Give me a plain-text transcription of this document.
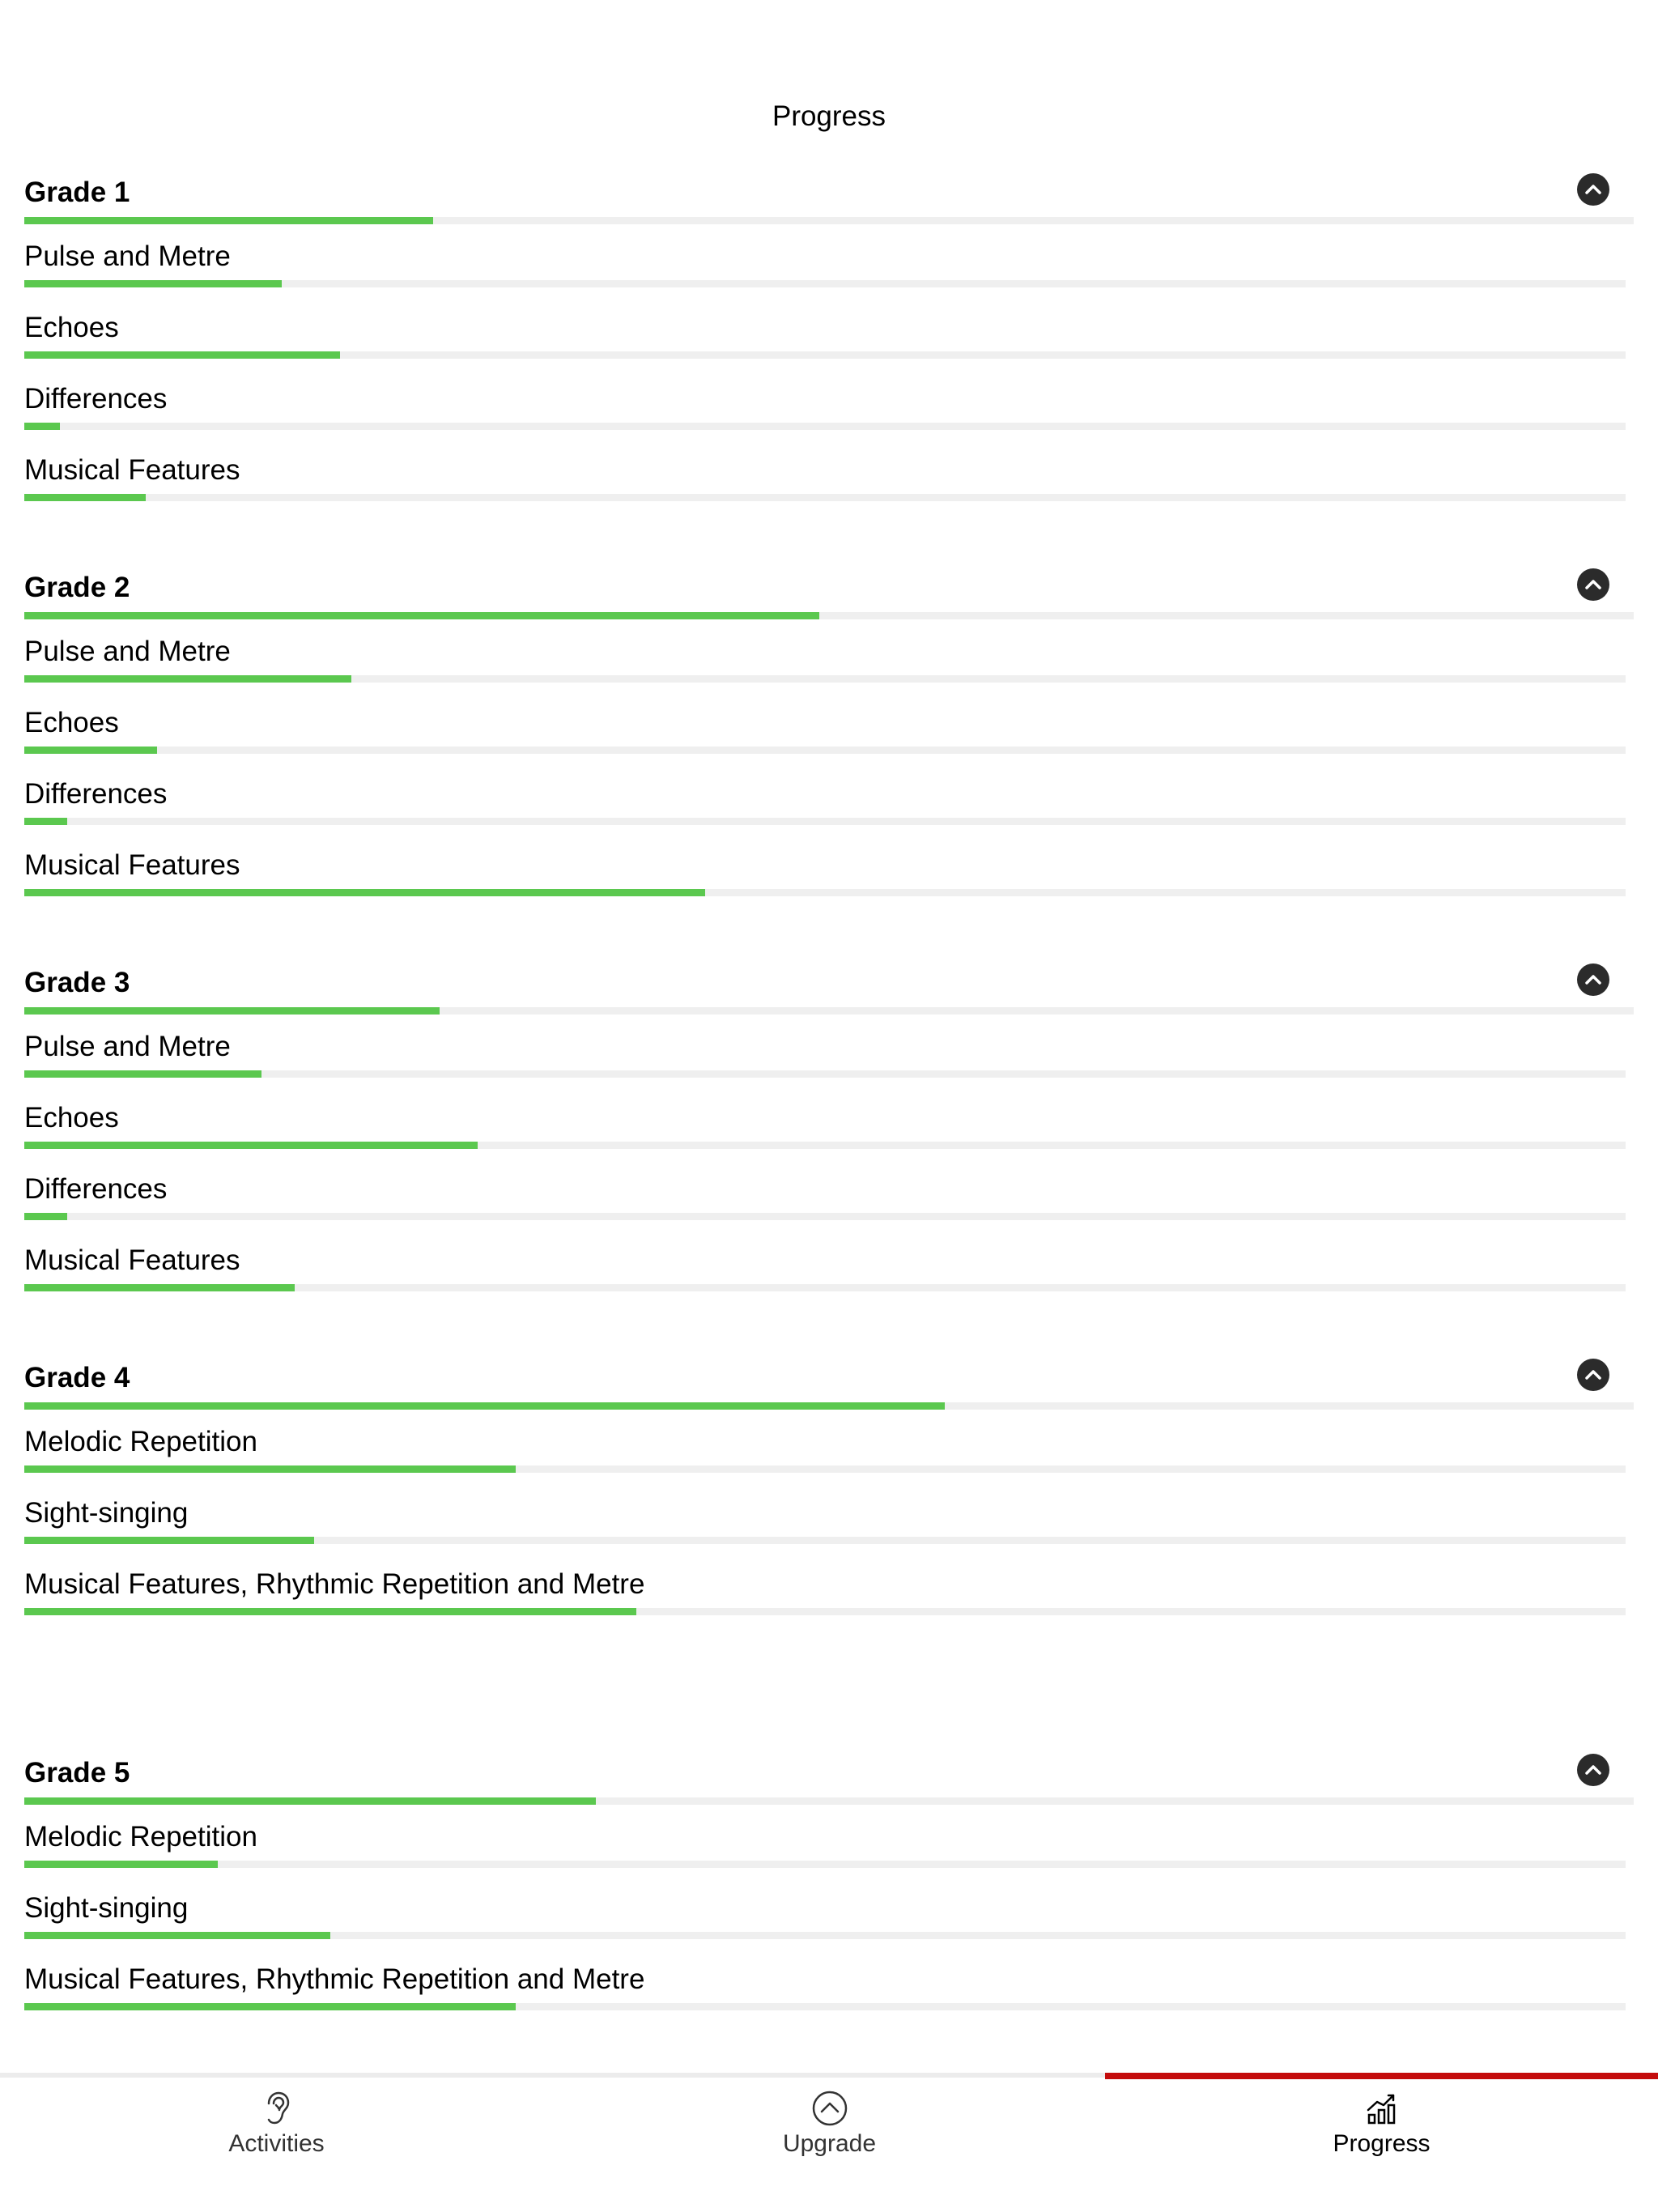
Progress
Grade 1
Pulse and Metre
Echoes
Differences
Musical Features
Grade 2
Pulse and Metre
Echoes
Differences
Musical Features
Grade 3
Pulse and Metre
Echoes
Differences
Musical Features
Grade 4
Melodic Repetition
Sight-singing
Musical Features, Rhythmic Repetition and Metre
Grade 5
Melodic Repetition
Sight-singing
Musical Features, Rhythmic Repetition and Metre
Activities	Upgrade	Progress
